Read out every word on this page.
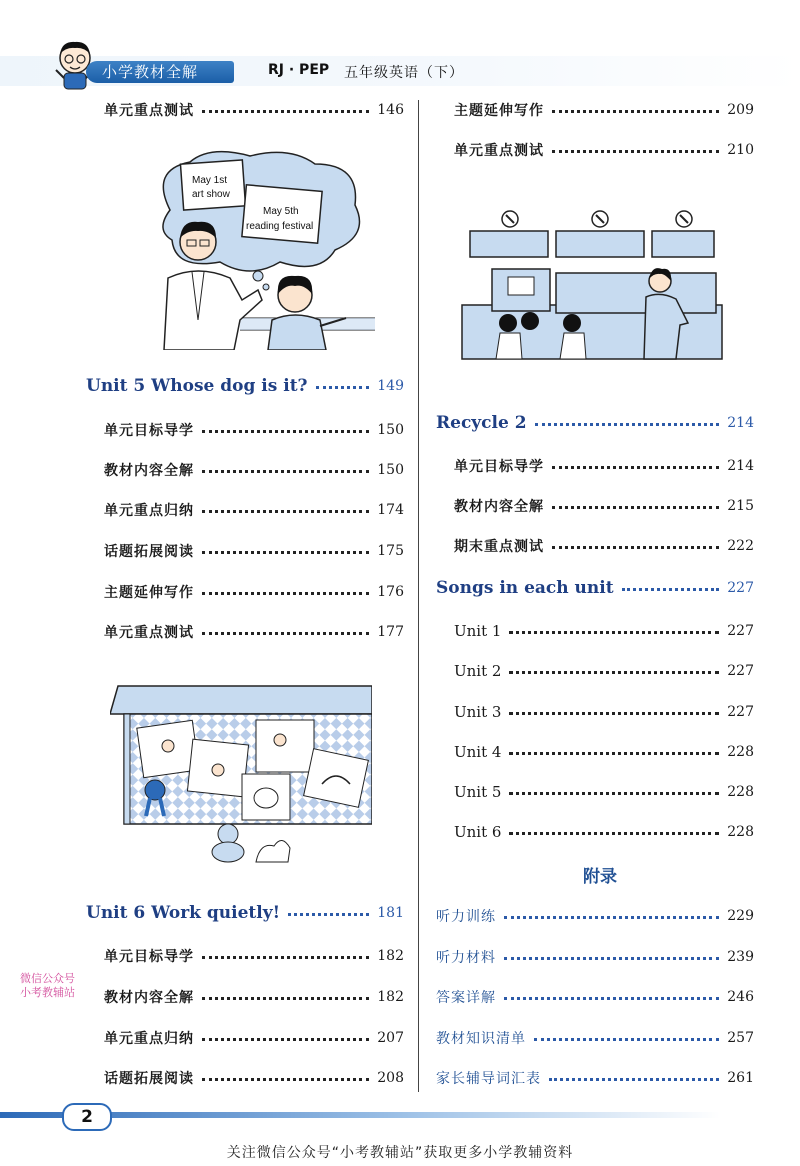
小学教材全解	RJ · PEP 五年级英语（下）
单元重点测试	146
May 1st
art show
May 5th
reading festival
Unit 5 Whose dog is it?	149
单元目标导学	150
教材内容全解	150
单元重点归纳	174
话题拓展阅读	175
主题延伸写作	176
单元重点测试	177
Unit 6 Work quietly!	181
单元目标导学	182
教材内容全解	182
单元重点归纳	207
话题拓展阅读	208
主题延伸写作	209
单元重点测试	210
Recycle 2	214
单元目标导学	214
教材内容全解	215
期末重点测试	222
Songs in each unit	227
Unit 1	227
Unit 2	227
Unit 3	227
Unit 4	228
Unit 5	228
Unit 6	228
附录
听力训练	229
听力材料	239
答案详解	246
教材知识清单	257
家长辅导词汇表	261
微信公众号
小考教辅站
2
关注微信公众号“小考教辅站”获取更多小学教辅资料
